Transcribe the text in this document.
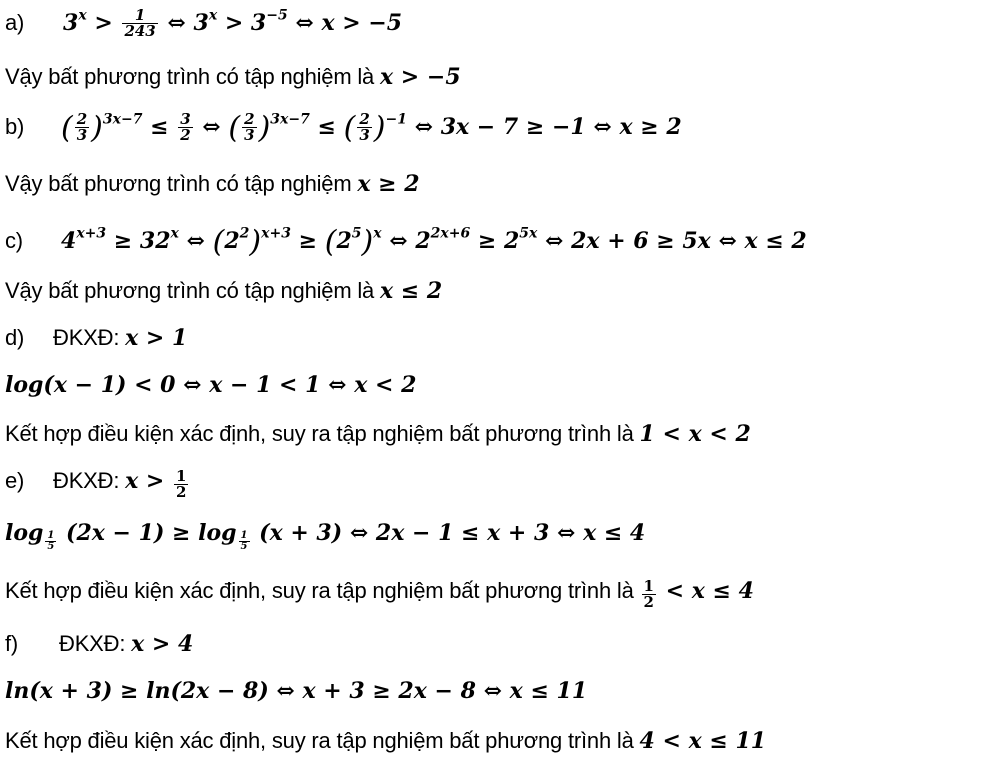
a) $3^x > \frac{1}{243}$ ⇔ $3^x > 3^{-5}$ ⇔ x > −5
Vậy bất phương trình có tập nghiệm là x > −5
b) ( $\frac{2}{3} )^{3x-7} \le \frac{3}{2}$ ⇔ ( $\frac{2}{3} )^{3x-7}$ ≤ ( $\frac{2}{3} )^{-1}$ ⇔ 3x − 7 ≥ −1 ⇔ x ≥ 2
Vậy bất phương trình có tập nghiệm x ≥ 2
c) $4^{x+3} \ge 32^x$ ⇔ $(2^2)^{x+3} \ge (2^5)^x$ ⇔ $2^{2x+6} \ge 2^{5x}$ ⇔ 2x + 6 ≥ 5x ⇔ x ≤ 2
Vậy bất phương trình có tập nghiệm là x ≤ 2
d) ĐKXĐ: x > 1
log(x − 1) < 0 ⇔ x − 1 < 1 ⇔ x < 2
Kết hợp điều kiện xác định, suy ra tập nghiệm bất phương trình là 1 < x < 2
e) ĐKXĐ: $x > \frac{1}{2}$
log $_{\frac{1}{5}}$ (2x − 1) ≥ log $_{\frac{1}{5}}$ (x + 3) ⇔ 2x − 1 ≤ x + 3 ⇔ x ≤ 4
Kết hợp điều kiện xác định, suy ra tập nghiệm bất phương trình là $\frac{1}{2} < x \le 4$
f) ĐKXĐ: x > 4
ln(x + 3) ≥ ln(2x − 8) ⇔ x + 3 ≥ 2x − 8 ⇔ x ≤ 11
Kết hợp điều kiện xác định, suy ra tập nghiệm bất phương trình là 4 < x ≤ 11
